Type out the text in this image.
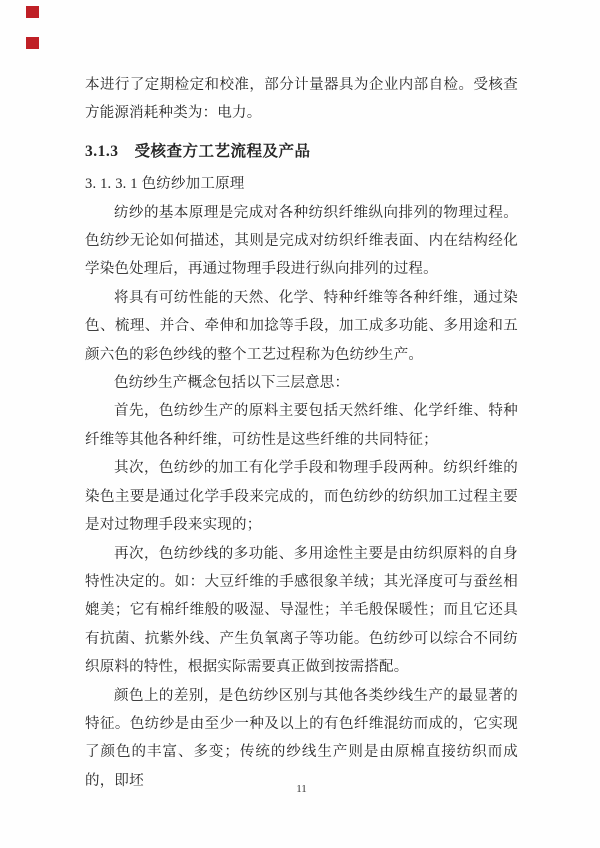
本进行了定期检定和校准，部分计量器具为企业内部自检。受核查方能源消耗种类为：电力。

3.1.3　受核查方工艺流程及产品

3. 1. 3. 1 色纺纱加工原理

纺纱的基本原理是完成对各种纺织纤维纵向排列的物理过程。色纺纱无论如何描述，其则是完成对纺织纤维表面、内在结构经化学染色处理后，再通过物理手段进行纵向排列的过程。

将具有可纺性能的天然、化学、特种纤维等各种纤维，通过染色、梳理、并合、牵伸和加捻等手段，加工成多功能、多用途和五颜六色的彩色纱线的整个工艺过程称为色纺纱生产。

色纺纱生产概念包括以下三层意思：

首先，色纺纱生产的原料主要包括天然纤维、化学纤维、特种纤维等其他各种纤维，可纺性是这些纤维的共同特征；

其次，色纺纱的加工有化学手段和物理手段两种。纺织纤维的染色主要是通过化学手段来完成的，而色纺纱的纺织加工过程主要是对过物理手段来实现的；

再次，色纺纱线的多功能、多用途性主要是由纺织原料的自身特性决定的。如：大豆纤维的手感很象羊绒；其光泽度可与蚕丝相媲美；它有棉纤维般的吸湿、导湿性；羊毛般保暖性；而且它还具有抗菌、抗紫外线、产生负氧离子等功能。色纺纱可以综合不同纺织原料的特性，根据实际需要真正做到按需搭配。

颜色上的差别，是色纺纱区别与其他各类纱线生产的最显著的特征。色纺纱是由至少一种及以上的有色纤维混纺而成的，它实现了颜色的丰富、多变；传统的纱线生产则是由原棉直接纺织而成的，即坯

11
